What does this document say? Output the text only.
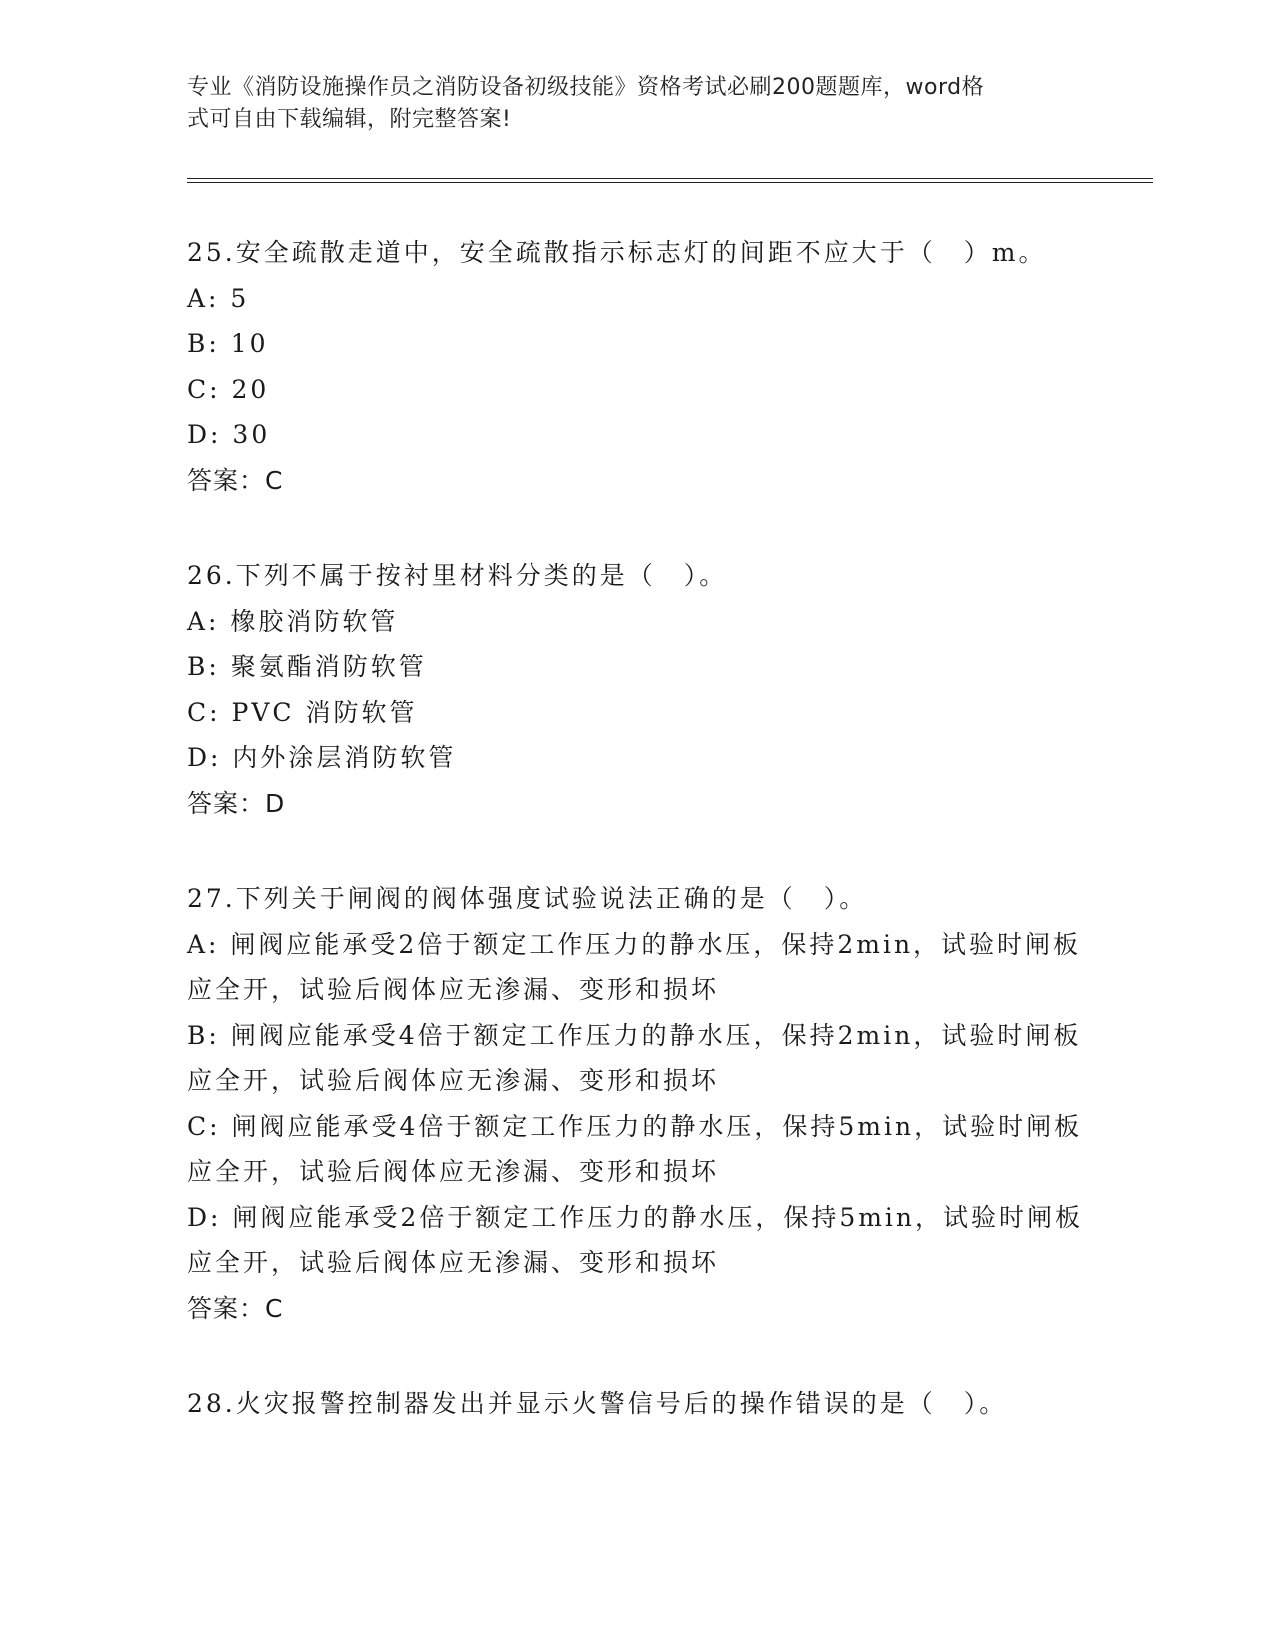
专业《消防设施操作员之消防设备初级技能》资格考试必刷200题题库，word格
式可自由下载编辑，附完整答案!
25.安全疏散走道中，安全疏散指示标志灯的间距不应大于（　）m。
A: 5
B: 10
C: 20
D: 30
答案：C
26.下列不属于按衬里材料分类的是（　）。
A: 橡胶消防软管
B: 聚氨酯消防软管
C: PVC 消防软管
D: 内外涂层消防软管
答案：D
27.下列关于闸阀的阀体强度试验说法正确的是（　）。
A: 闸阀应能承受2倍于额定工作压力的静水压，保持2min，试验时闸板应全开，试验后阀体应无渗漏、变形和损坏
B: 闸阀应能承受4倍于额定工作压力的静水压，保持2min，试验时闸板应全开，试验后阀体应无渗漏、变形和损坏
C: 闸阀应能承受4倍于额定工作压力的静水压，保持5min，试验时闸板应全开，试验后阀体应无渗漏、变形和损坏
D: 闸阀应能承受2倍于额定工作压力的静水压，保持5min，试验时闸板应全开，试验后阀体应无渗漏、变形和损坏
答案：C
28.火灾报警控制器发出并显示火警信号后的操作错误的是（　）。
